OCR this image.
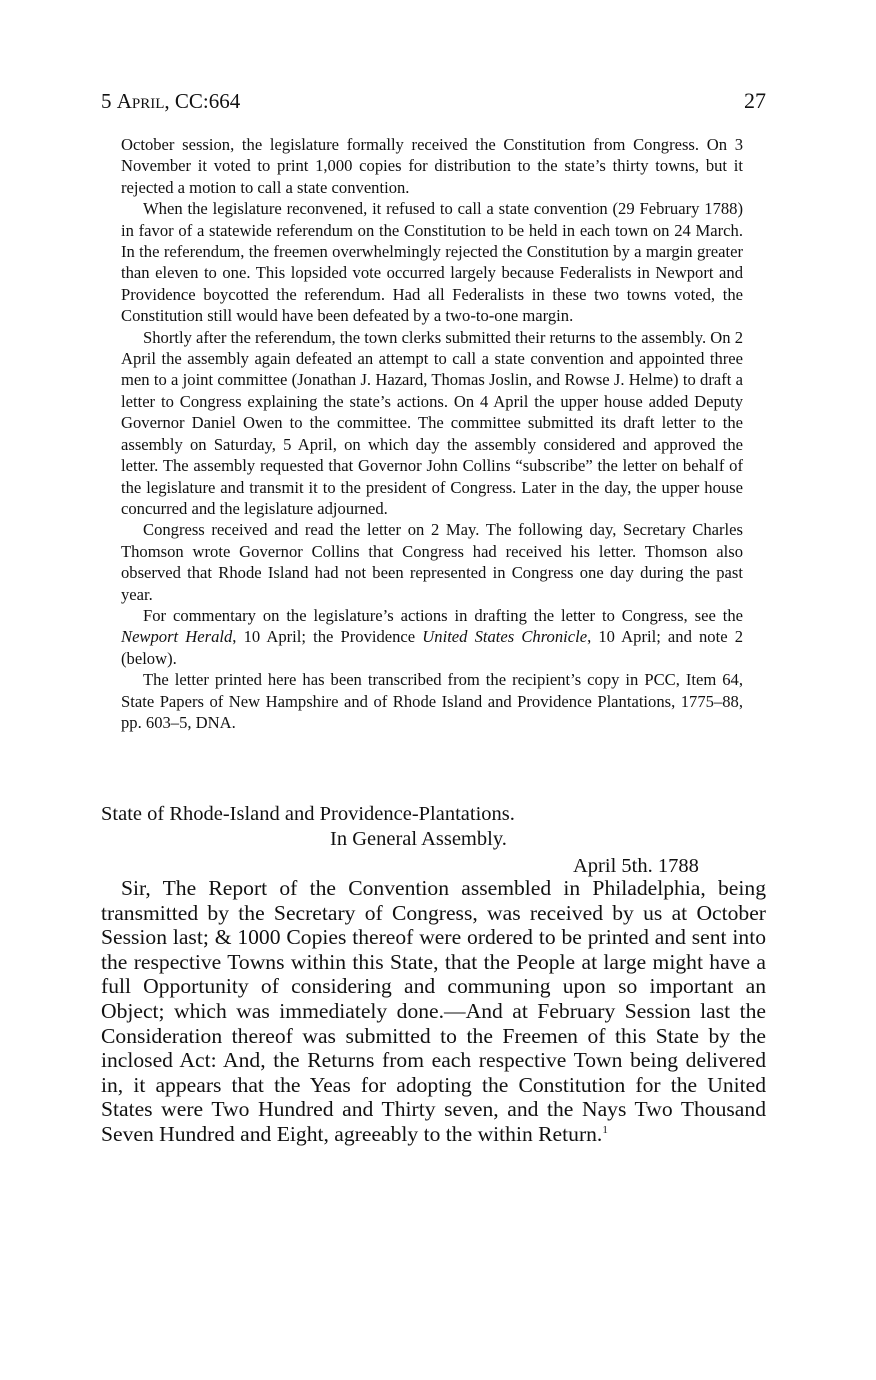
5 April, CC:664	27

October session, the legislature formally received the Constitution from Congress. On 3 November it voted to print 1,000 copies for distribution to the state’s thirty towns, but it rejected a motion to call a state convention.

When the legislature reconvened, it refused to call a state convention (29 February 1788) in favor of a statewide referendum on the Constitution to be held in each town on 24 March. In the referendum, the freemen overwhelmingly rejected the Constitution by a margin greater than eleven to one. This lopsided vote occurred largely because Federalists in Newport and Providence boycotted the referendum. Had all Federalists in these two towns voted, the Constitution still would have been defeated by a two-to-one margin.

Shortly after the referendum, the town clerks submitted their returns to the assembly. On 2 April the assembly again defeated an attempt to call a state convention and appointed three men to a joint committee (Jonathan J. Hazard, Thomas Joslin, and Rowse J. Helme) to draft a letter to Congress explaining the state’s actions. On 4 April the upper house added Deputy Governor Daniel Owen to the committee. The committee submitted its draft letter to the assembly on Saturday, 5 April, on which day the assembly considered and approved the letter. The assembly requested that Governor John Collins “subscribe” the letter on behalf of the legislature and transmit it to the president of Congress. Later in the day, the upper house concurred and the legislature adjourned.

Congress received and read the letter on 2 May. The following day, Secretary Charles Thomson wrote Governor Collins that Congress had received his letter. Thomson also observed that Rhode Island had not been represented in Congress one day during the past year.

For commentary on the legislature’s actions in drafting the letter to Congress, see the Newport Herald, 10 April; the Providence United States Chronicle, 10 April; and note 2 (below).

The letter printed here has been transcribed from the recipient’s copy in PCC, Item 64, State Papers of New Hampshire and of Rhode Island and Providence Plantations, 1775–88, pp. 603–5, DNA.

State of Rhode-Island and Providence-Plantations.
In General Assembly.
April 5th. 1788

Sir, The Report of the Convention assembled in Philadelphia, being transmitted by the Secretary of Congress, was received by us at October Session last; & 1000 Copies thereof were ordered to be printed and sent into the respective Towns within this State, that the People at large might have a full Opportunity of considering and communing upon so important an Object; which was immediately done.—And at February Session last the Consideration thereof was submitted to the Freemen of this State by the inclosed Act: And, the Returns from each respective Town being delivered in, it appears that the Yeas for adopting the Constitution for the United States were Two Hundred and Thirty seven, and the Nays Two Thousand Seven Hundred and Eight, agreeably to the within Return.$^1$
